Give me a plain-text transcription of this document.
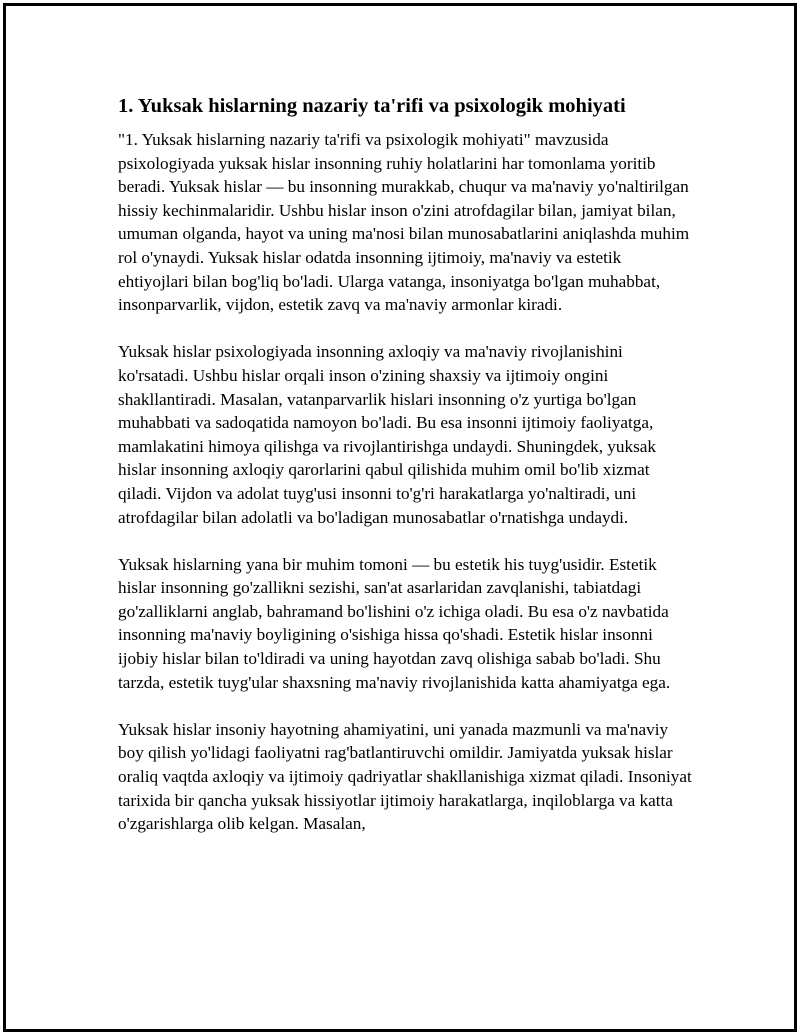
1. Yuksak hislarning nazariy ta'rifi va psixologik mohiyati

"1. Yuksak hislarning nazariy ta'rifi va psixologik mohiyati" mavzusida psixologiyada yuksak hislar insonning ruhiy holatlarini har tomonlama yoritib beradi. Yuksak hislar — bu insonning murakkab, chuqur va ma'naviy yo'naltirilgan hissiy kechinmalaridir. Ushbu hislar inson o'zini atrofdagilar bilan, jamiyat bilan, umuman olganda, hayot va uning ma'nosi bilan munosabatlarini aniqlashda muhim rol o'ynaydi. Yuksak hislar odatda insonning ijtimoiy, ma'naviy va estetik ehtiyojlari bilan bog'liq bo'ladi. Ularga vatanga, insoniyatga bo'lgan muhabbat, insonparvarlik, vijdon, estetik zavq va ma'naviy armonlar kiradi.

Yuksak hislar psixologiyada insonning axloqiy va ma'naviy rivojlanishini ko'rsatadi. Ushbu hislar orqali inson o'zining shaxsiy va ijtimoiy ongini shakllantiradi. Masalan, vatanparvarlik hislari insonning o'z yurtiga bo'lgan muhabbati va sadoqatida namoyon bo'ladi. Bu esa insonni ijtimoiy faoliyatga, mamlakatini himoya qilishga va rivojlantirishga undaydi. Shuningdek, yuksak hislar insonning axloqiy qarorlarini qabul qilishida muhim omil bo'lib xizmat qiladi. Vijdon va adolat tuyg'usi insonni to'g'ri harakatlarga yo'naltiradi, uni atrofdagilar bilan adolatli va bo'ladigan munosabatlar o'rnatishga undaydi.

Yuksak hislarning yana bir muhim tomoni — bu estetik his tuyg'usidir. Estetik hislar insonning go'zallikni sezishi, san'at asarlaridan zavqlanishi, tabiatdagi go'zalliklarni anglab, bahramand bo'lishini o'z ichiga oladi. Bu esa o'z navbatida insonning ma'naviy boyligining o'sishiga hissa qo'shadi. Estetik hislar insonni ijobiy hislar bilan to'ldiradi va uning hayotdan zavq olishiga sabab bo'ladi. Shu tarzda, estetik tuyg'ular shaxsning ma'naviy rivojlanishida katta ahamiyatga ega.

Yuksak hislar insoniy hayotning ahamiyatini, uni yanada mazmunli va ma'naviy boy qilish yo'lidagi faoliyatni rag'batlantiruvchi omildir. Jamiyatda yuksak hislar oraliq vaqtda axloqiy va ijtimoiy qadriyatlar shakllanishiga xizmat qiladi. Insoniyat tarixida bir qancha yuksak hissiyotlar ijtimoiy harakatlarga, inqiloblarga va katta o'zgarishlarga olib kelgan. Masalan,
